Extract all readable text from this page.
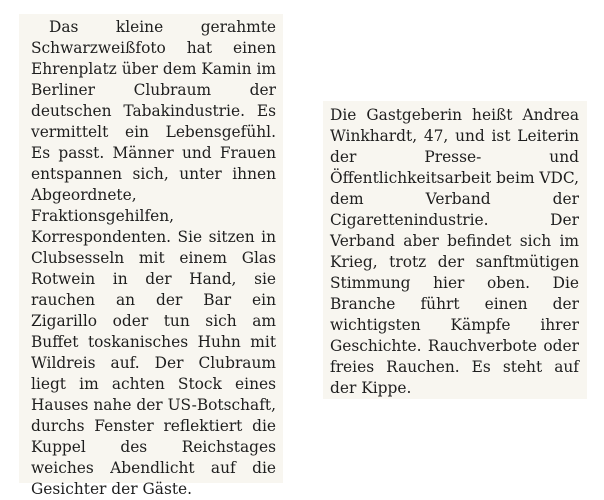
Das kleine gerahmte Schwarzweißfoto hat einen Ehrenplatz über dem Kamin im Berliner Clubraum der deutschen Tabakindustrie. Es vermittelt ein Lebensgefühl. Es passt. Männer und Frauen entspannen sich, unter ihnen Abgeordnete, Fraktionsgehilfen, Korrespondenten. Sie sitzen in Clubsesseln mit einem Glas Rotwein in der Hand, sie rauchen an der Bar ein Zigarillo oder tun sich am Buffet toskanisches Huhn mit Wildreis auf. Der Clubraum liegt im achten Stock eines Hauses nahe der US-Botschaft, durchs Fenster reflektiert die Kuppel des Reichstages weiches Abendlicht auf die Gesichter der Gäste.

Die Gastgeberin heißt Andrea Winkhardt, 47, und ist Leiterin der Presse- und Öffentlichkeitsarbeit beim VDC, dem Verband der Cigarettenindustrie. Der Verband aber befindet sich im Krieg, trotz der sanftmütigen Stimmung hier oben. Die Branche führt einen der wichtigsten Kämpfe ihrer Geschichte. Rauchverbote oder freies Rauchen. Es steht auf der Kippe.
